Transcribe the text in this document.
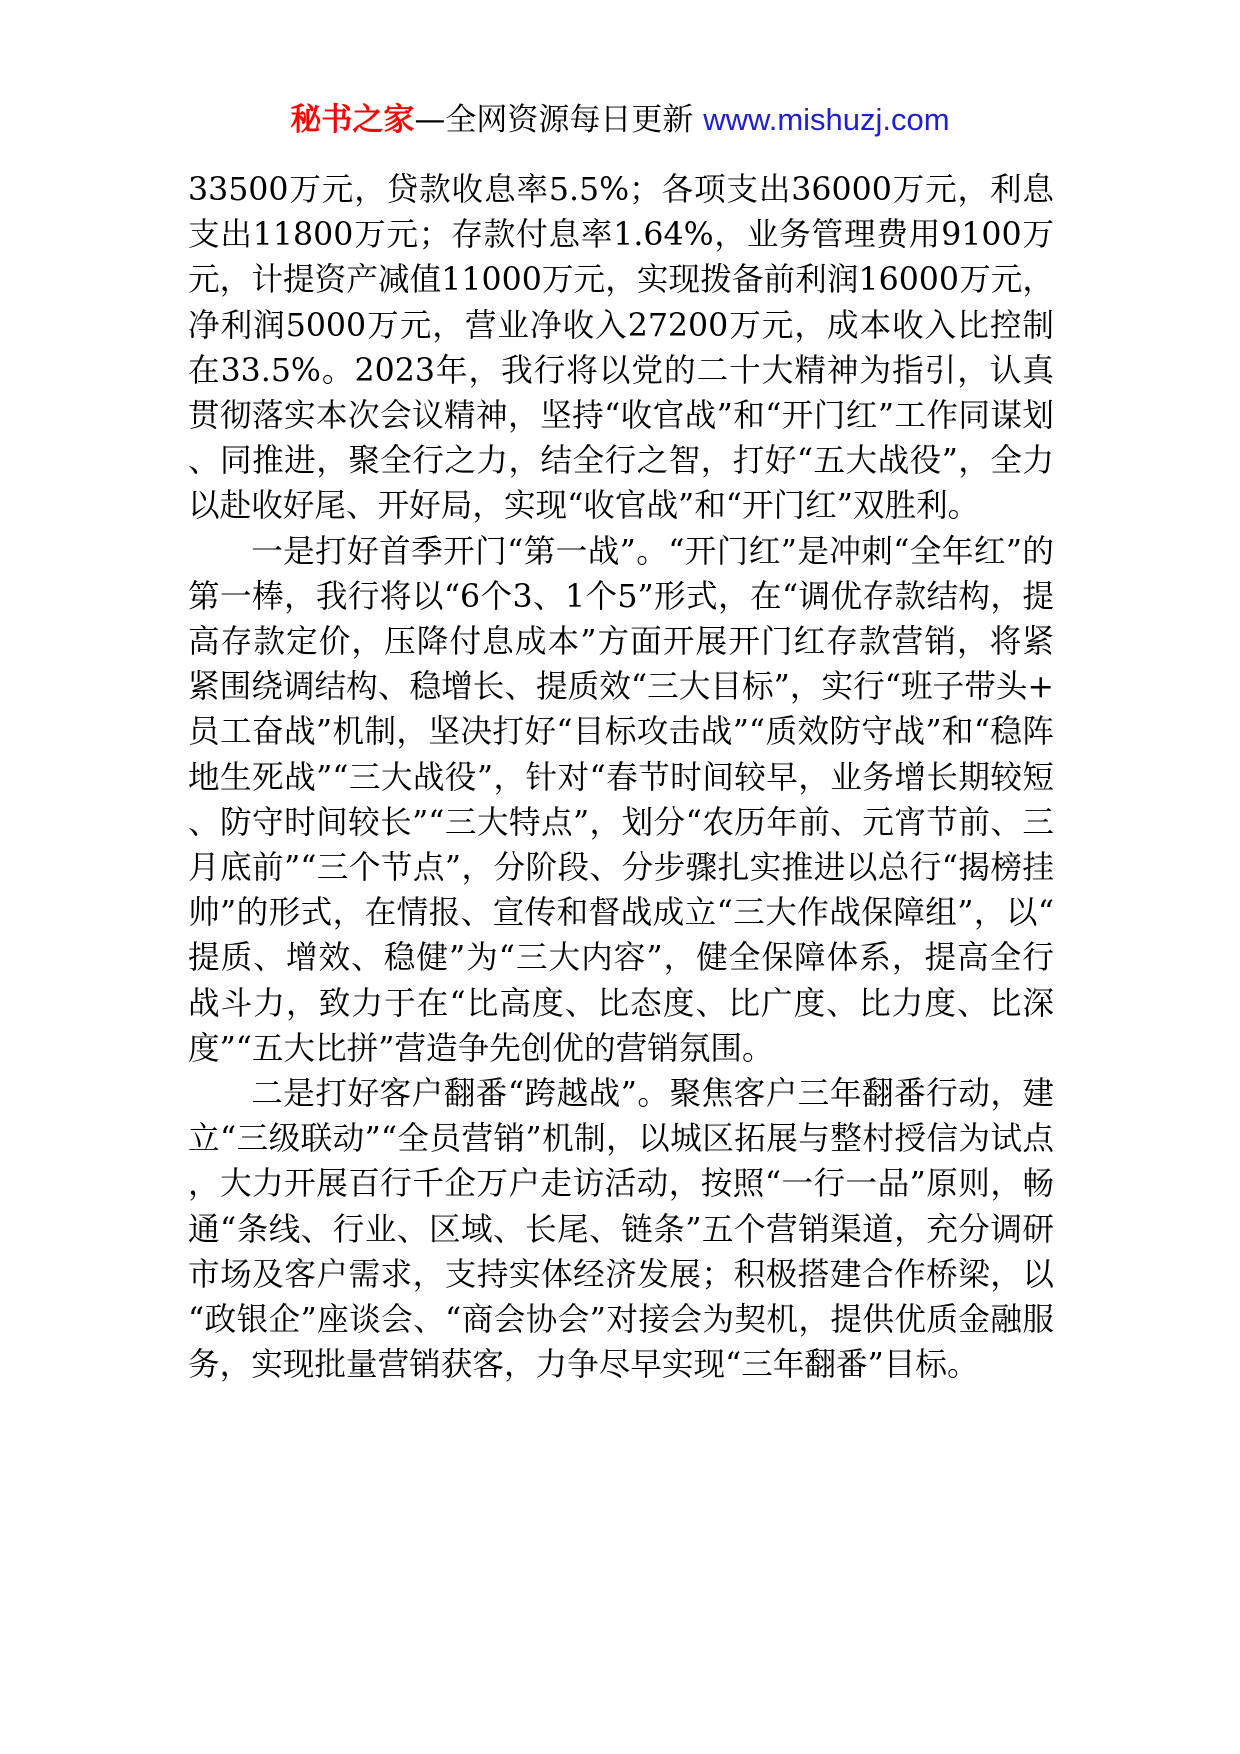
秘书之家—全网资源每日更新 www.mishuzj.com

33500万元，贷款收息率5.5%；各项支出36000万元，利息支出11800万元；存款付息率1.64%，业务管理费用9100万元，计提资产减值11000万元，实现拨备前利润16000万元，净利润5000万元，营业净收入27200万元，成本收入比控制在33.5%。2023年，我行将以党的二十大精神为指引，认真贯彻落实本次会议精神，坚持“收官战”和“开门红”工作同谋划、同推进，聚全行之力，结全行之智，打好“五大战役”，全力以赴收好尾、开好局，实现“收官战”和“开门红”双胜利。

一是打好首季开门“第一战”。“开门红”是冲刺“全年红”的第一棒，我行将以“6个3、1个5”形式，在“调优存款结构，提高存款定价，压降付息成本”方面开展开门红存款营销，将紧紧围绕调结构、稳增长、提质效“三大目标”，实行“班子带头+员工奋战”机制，坚决打好“目标攻击战”“质效防守战”和“稳阵地生死战”“三大战役”，针对“春节时间较早，业务增长期较短、防守时间较长”“三大特点”，划分“农历年前、元宵节前、三月底前”“三个节点”，分阶段、分步骤扎实推进以总行“揭榜挂帅”的形式，在情报、宣传和督战成立“三大作战保障组”，以“提质、增效、稳健”为“三大内容”，健全保障体系，提高全行战斗力，致力于在“比高度、比态度、比广度、比力度、比深度”“五大比拼”营造争先创优的营销氛围。

二是打好客户翻番“跨越战”。聚焦客户三年翻番行动，建立“三级联动”“全员营销”机制，以城区拓展与整村授信为试点，大力开展百行千企万户走访活动，按照“一行一品”原则，畅通“条线、行业、区域、长尾、链条”五个营销渠道，充分调研市场及客户需求，支持实体经济发展；积极搭建合作桥梁，以“政银企”座谈会、“商会协会”对接会为契机，提供优质金融服务，实现批量营销获客，力争尽早实现“三年翻番”目标。
